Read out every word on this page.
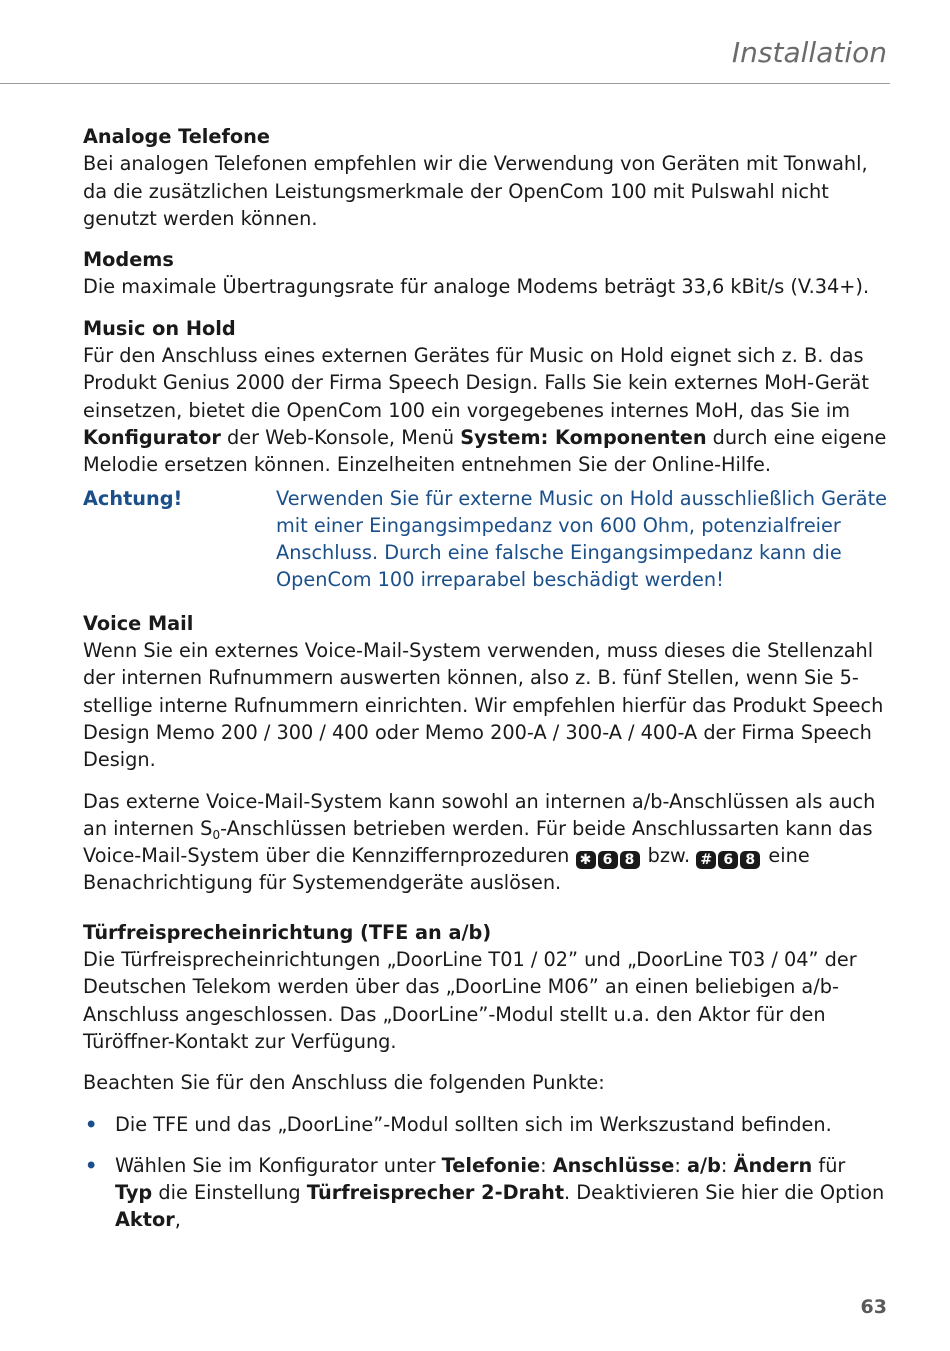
Installation

Analoge Telefone

Bei analogen Telefonen empfehlen wir die Verwendung von Geräten mit Tonwahl, da die zusätzlichen Leistungsmerkmale der OpenCom 100 mit Pulswahl nicht genutzt werden können.

Modems

Die maximale Übertragungsrate für analoge Modems beträgt 33,6 kBit/s (V.34+).

Music on Hold

Für den Anschluss eines externen Gerätes für Music on Hold eignet sich z. B. das Produkt Genius 2000 der Firma Speech Design. Falls Sie kein externes MoH-Gerät einsetzen, bietet die OpenCom 100 ein vorgegebenes internes MoH, das Sie im Konfigurator der Web-Konsole, Menü System: Komponenten durch eine eigene Melodie ersetzen können. Einzelheiten entnehmen Sie der Online-Hilfe.

Achtung!	Verwenden Sie für externe Music on Hold ausschließlich Geräte mit einer Eingangsimpedanz von 600 Ohm, potenzialfreier Anschluss. Durch eine falsche Eingangsimpedanz kann die OpenCom 100 irreparabel beschädigt werden!

Voice Mail

Wenn Sie ein externes Voice-Mail-System verwenden, muss dieses die Stellenzahl der internen Rufnummern auswerten können, also z. B. fünf Stellen, wenn Sie 5-stellige interne Rufnummern einrichten. Wir empfehlen hierfür das Produkt Speech Design Memo 200 / 300 / 400 oder Memo 200-A / 300-A / 400-A der Firma Speech Design.

Das externe Voice-Mail-System kann sowohl an internen a/b-Anschlüssen als auch an internen $S_0$-Anschlüssen betrieben werden. Für beide Anschlussarten kann das Voice-Mail-System über die Kennziffernprozeduren ✱ 6 8 bzw. # 6 8 eine Benachrichtigung für Systemendgeräte auslösen.

Türfreisprecheinrichtung (TFE an a/b)

Die Türfreisprecheinrichtungen „DoorLine T01 / 02” und „DoorLine T03 / 04” der Deutschen Telekom werden über das „DoorLine M06” an einen beliebigen a/b-Anschluss angeschlossen. Das „DoorLine”-Modul stellt u.a. den Aktor für den Türöffner-Kontakt zur Verfügung.

Beachten Sie für den Anschluss die folgenden Punkte:

• Die TFE und das „DoorLine”-Modul sollten sich im Werkszustand befinden.
• Wählen Sie im Konfigurator unter Telefonie: Anschlüsse: a/b: Ändern für Typ die Einstellung Türfreisprecher 2-Draht. Deaktivieren Sie hier die Option Aktor,
63
